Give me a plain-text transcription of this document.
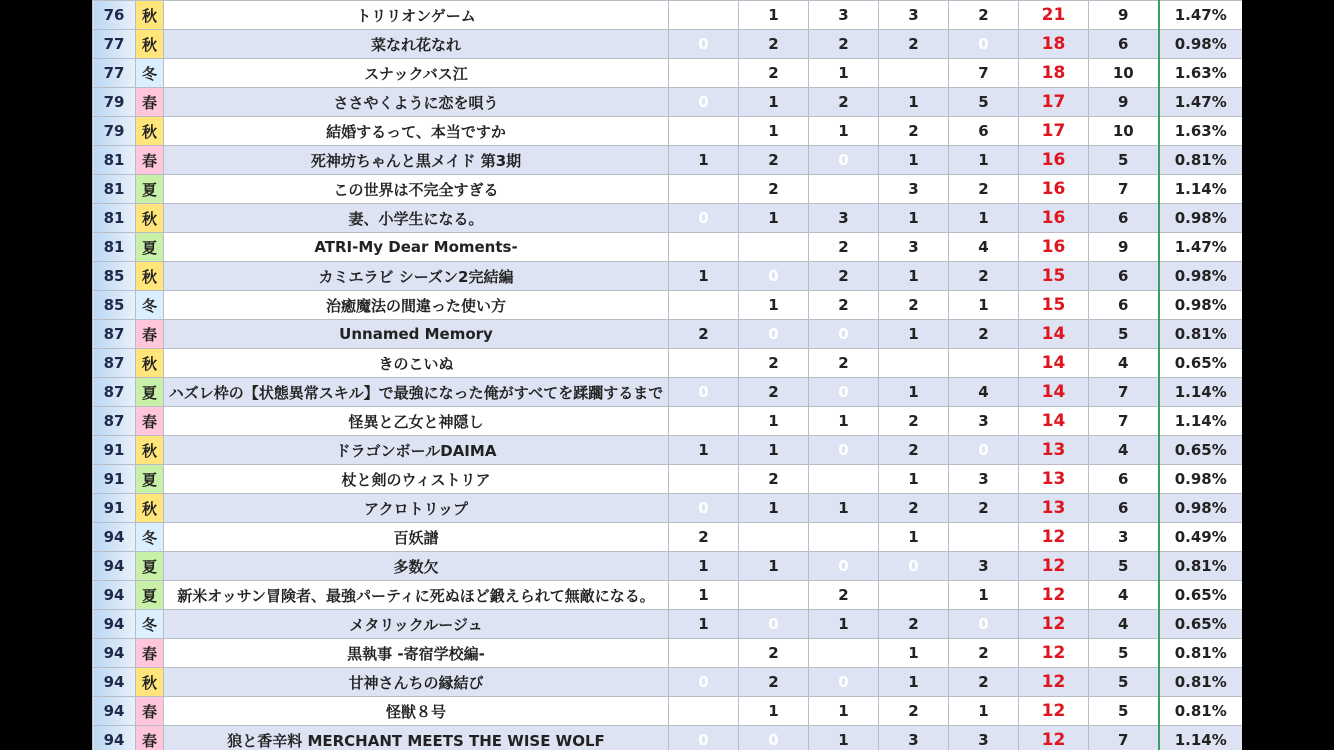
76	秋	トリリオンゲーム		1	3	3	2	21	9	1.47%
77	秋	菜なれ花なれ	0	2	2	2	0	18	6	0.98%
77	冬	スナックバス江		2	1		7	18	10	1.63%
79	春	ささやくように恋を唄う	0	1	2	1	5	17	9	1.47%
79	秋	結婚するって、本当ですか		1	1	2	6	17	10	1.63%
81	春	死神坊ちゃんと黒メイド 第3期	1	2	0	1	1	16	5	0.81%
81	夏	この世界は不完全すぎる		2		3	2	16	7	1.14%
81	秋	妻、小学生になる。	0	1	3	1	1	16	6	0.98%
81	夏	ATRI-My Dear Moments-			2	3	4	16	9	1.47%
85	秋	カミエラビ シーズン2完結編	1	0	2	1	2	15	6	0.98%
85	冬	治癒魔法の間違った使い方		1	2	2	1	15	6	0.98%
87	春	Unnamed Memory	2	0	0	1	2	14	5	0.81%
87	秋	きのこいぬ		2	2			14	4	0.65%
87	夏	ハズレ枠の【状態異常スキル】で最強になった俺がすべてを蹂躙するまで	0	2	0	1	4	14	7	1.14%
87	春	怪異と乙女と神隠し		1	1	2	3	14	7	1.14%
91	秋	ドラゴンボールDAIMA	1	1	0	2	0	13	4	0.65%
91	夏	杖と剣のウィストリア		2		1	3	13	6	0.98%
91	秋	アクロトリップ	0	1	1	2	2	13	6	0.98%
94	冬	百妖譜	2			1		12	3	0.49%
94	夏	多数欠	1	1	0	0	3	12	5	0.81%
94	夏	新米オッサン冒険者、最強パーティに死ぬほど鍛えられて無敵になる。	1		2		1	12	4	0.65%
94	冬	メタリックルージュ	1	0	1	2	0	12	4	0.65%
94	春	黒執事 -寄宿学校編-		2		1	2	12	5	0.81%
94	秋	甘神さんちの縁結び	0	2	0	1	2	12	5	0.81%
94	春	怪獣８号		1	1	2	1	12	5	0.81%
94	春	狼と香辛料 MERCHANT MEETS THE WISE WOLF	0	0	1	3	3	12	7	1.14%
